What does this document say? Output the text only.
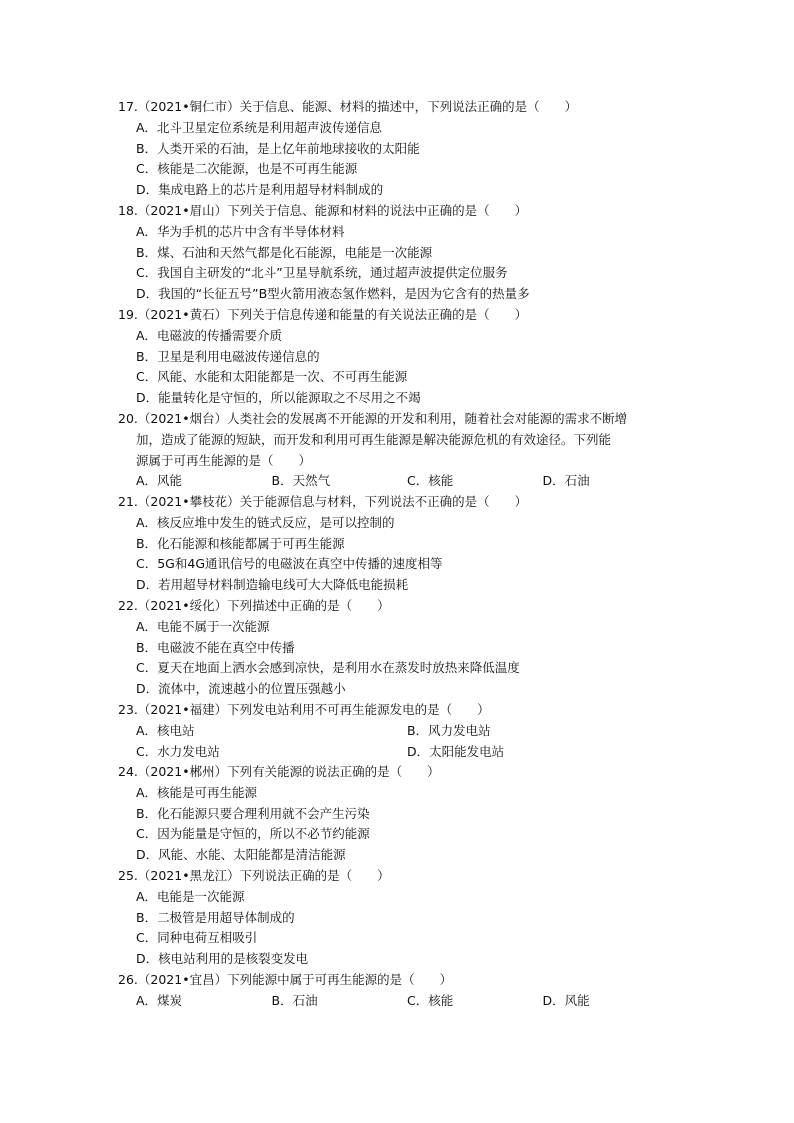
17.（2021•铜仁市）关于信息、能源、材料的描述中，下列说法正确的是（　　）
A．北斗卫星定位系统是利用超声波传递信息
B．人类开采的石油，是上亿年前地球接收的太阳能
C．核能是二次能源，也是不可再生能源
D．集成电路上的芯片是利用超导材料制成的
18.（2021•眉山）下列关于信息、能源和材料的说法中正确的是（　　）
A．华为手机的芯片中含有半导体材料
B．煤、石油和天然气都是化石能源，电能是一次能源
C．我国自主研发的“北斗”卫星导航系统，通过超声波提供定位服务
D．我国的“长征五号”B型火箭用液态氢作燃料，是因为它含有的热量多
19.（2021•黄石）下列关于信息传递和能量的有关说法正确的是（　　）
A．电磁波的传播需要介质
B．卫星是利用电磁波传递信息的
C．风能、水能和太阳能都是一次、不可再生能源
D．能量转化是守恒的，所以能源取之不尽用之不竭
20.（2021•烟台）人类社会的发展离不开能源的开发和利用，随着社会对能源的需求不断增
加，造成了能源的短缺，而开发和利用可再生能源是解决能源危机的有效途径。下列能
源属于可再生能源的是（　　）
A．风能	B．天然气	C．核能	D．石油
21.（2021•攀枝花）关于能源信息与材料，下列说法不正确的是（　　）
A．核反应堆中发生的链式反应，是可以控制的
B．化石能源和核能都属于可再生能源
C．5G和4G通讯信号的电磁波在真空中传播的速度相等
D．若用超导材料制造输电线可大大降低电能损耗
22.（2021•绥化）下列描述中正确的是（　　）
A．电能不属于一次能源
B．电磁波不能在真空中传播
C．夏天在地面上洒水会感到凉快，是利用水在蒸发时放热来降低温度
D．流体中，流速越小的位置压强越小
23.（2021•福建）下列发电站利用不可再生能源发电的是（　　）
A．核电站	B．风力发电站
C．水力发电站	D．太阳能发电站
24.（2021•郴州）下列有关能源的说法正确的是（　　）
A．核能是可再生能源
B．化石能源只要合理利用就不会产生污染
C．因为能量是守恒的，所以不必节约能源
D．风能、水能、太阳能都是清洁能源
25.（2021•黑龙江）下列说法正确的是（　　）
A．电能是一次能源
B．二极管是用超导体制成的
C．同种电荷互相吸引
D．核电站利用的是核裂变发电
26.（2021•宜昌）下列能源中属于可再生能源的是（　　）
A．煤炭	B．石油	C．核能	D．风能
